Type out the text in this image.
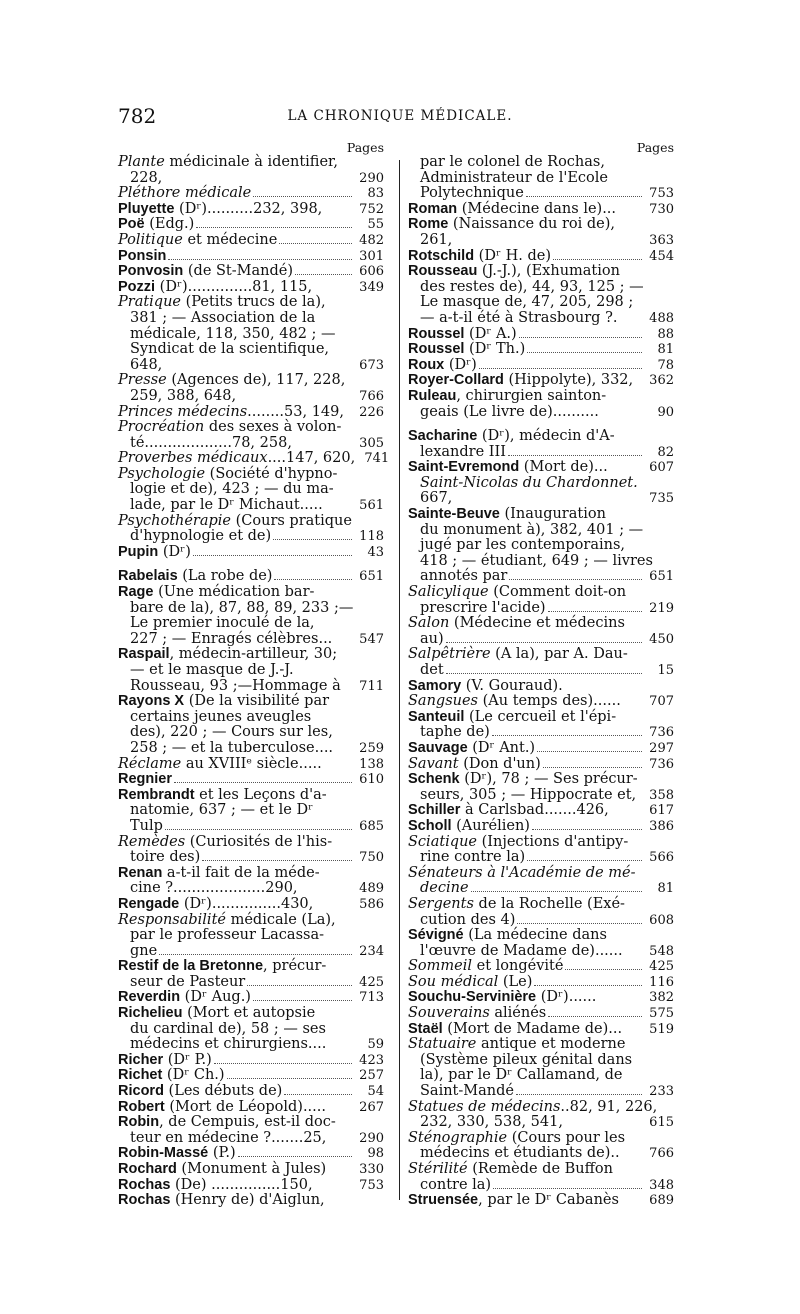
782	LA CHRONIQUE MÉDICALE.
Pages
Plante médicinale à identifier,
228,	290
Pléthore médicale	83
Pluyette (Dʳ)..........232, 398,	752
Poë (Edg.)	55
Politique et médecine	482
Ponsin	301
Ponvosin (de St-Mandé)	606
Pozzi (Dʳ)..............81, 115,	349
Pratique (Petits trucs de la),
381 ; — Association de la
médicale, 118, 350, 482 ; —
Syndicat de la scientifique,
648,	673
Presse (Agences de), 117, 228,
259, 388, 648,	766
Princes médecins........53, 149,	226
Procréation des sexes à volon-
té...................78, 258,	305
Proverbes médicaux....147, 620, 741
Psychologie (Société d'hypno-
logie et de), 423 ; — du ma-
lade, par le Dʳ Michaut.....	561
Psychothérapie (Cours pratique
d'hypnologie et de)	118
Pupin (Dʳ)	43
Rabelais (La robe de)	651
Rage (Une médication bar-
bare de la), 87, 88, 89, 233 ;—
Le premier inoculé de la,
227 ; — Enragés célèbres...	547
Raspail, médecin-artilleur, 30;
— et le masque de J.-J.
Rousseau, 93 ;—Hommage à	711
Rayons X (De la visibilité par
certains jeunes aveugles
des), 220 ; — Cours sur les,
258 ; — et la tuberculose....	259
Réclame au XVIIIᵉ siècle.....	138
Regnier	610
Rembrandt et les Leçons d'a-
natomie, 637 ; — et le Dʳ
Tulp	685
Remèdes (Curiosités de l'his-
toire des)	750
Renan a-t-il fait de la méde-
cine ?....................290,	489
Rengade (Dʳ)...............430,	586
Responsabilité médicale (La),
par le professeur Lacassa-
gne	234
Restif de la Bretonne, précur-
seur de Pasteur	425
Reverdin (Dʳ Aug.)	713
Richelieu (Mort et autopsie
du cardinal de), 58 ; — ses
médecins et chirurgiens....	59
Richer (Dʳ P.)	423
Richet (Dʳ Ch.)	257
Ricord (Les débuts de)	54
Robert (Mort de Léopold).....	267
Robin, de Cempuis, est-il doc-
teur en médecine ?.......25,	290
Robin-Massé (P.)	98
Rochard (Monument à Jules)	330
Rochas (De) ...............150,	753
Rochas (Henry de) d'Aiglun,
Pages
par le colonel de Rochas,
Administrateur de l'Ecole
Polytechnique	753
Roman (Médecine dans le)...	730
Rome (Naissance du roi de),
261,	363
Rotschild (Dʳ H. de)	454
Rousseau (J.-J.), (Exhumation
des restes de), 44, 93, 125 ; —
Le masque de, 47, 205, 298 ;
— a-t-il été à Strasbourg ?.	488
Roussel (Dʳ A.)	88
Roussel (Dʳ Th.)	81
Roux (Dʳ)	78
Royer-Collard (Hippolyte), 332,	362
Ruleau, chirurgien sainton-
geais (Le livre de)..........	90
Sacharine (Dʳ), médecin d'A-
lexandre III	82
Saint-Evremond (Mort de)...	607
Saint-Nicolas du Chardonnet.
667,	735
Sainte-Beuve (Inauguration
du monument à), 382, 401 ; —
jugé par les contemporains,
418 ; — étudiant, 649 ; — livres
annotés par	651
Salicylique (Comment doit-on
prescrire l'acide)	219
Salon (Médecine et médecins
au)	450
Salpêtrière (A la), par A. Dau-
det	15
Samory (V. Gouraud).
Sangsues (Au temps des)......	707
Santeuil (Le cercueil et l'épi-
taphe de)	736
Sauvage (Dʳ Ant.)	297
Savant (Don d'un)	736
Schenk (Dʳ), 78 ; — Ses précur-
seurs, 305 ; — Hippocrate et,	358
Schiller à Carlsbad.......426,	617
Scholl (Aurélien)	386
Sciatique (Injections d'antipy-
rine contre la)	566
Sénateurs à l'Académie de mé-
decine	81
Sergents de la Rochelle (Exé-
cution des 4)	608
Sévigné (La médecine dans
l'œuvre de Madame de)......	548
Sommeil et longévité	425
Sou médical (Le)	116
Souchu-Servinière (Dʳ)......	382
Souverains aliénés	575
Staël (Mort de Madame de)...	519
Statuaire antique et moderne
(Système pileux génital dans
la), par le Dʳ Callamand, de
Saint-Mandé	233
Statues de médecins..82, 91, 226,
232, 330, 538, 541,	615
Sténographie (Cours pour les
médecins et étudiants de)..	766
Stérilité (Remède de Buffon
contre la)	348
Struensée, par le Dʳ Cabanès	689
